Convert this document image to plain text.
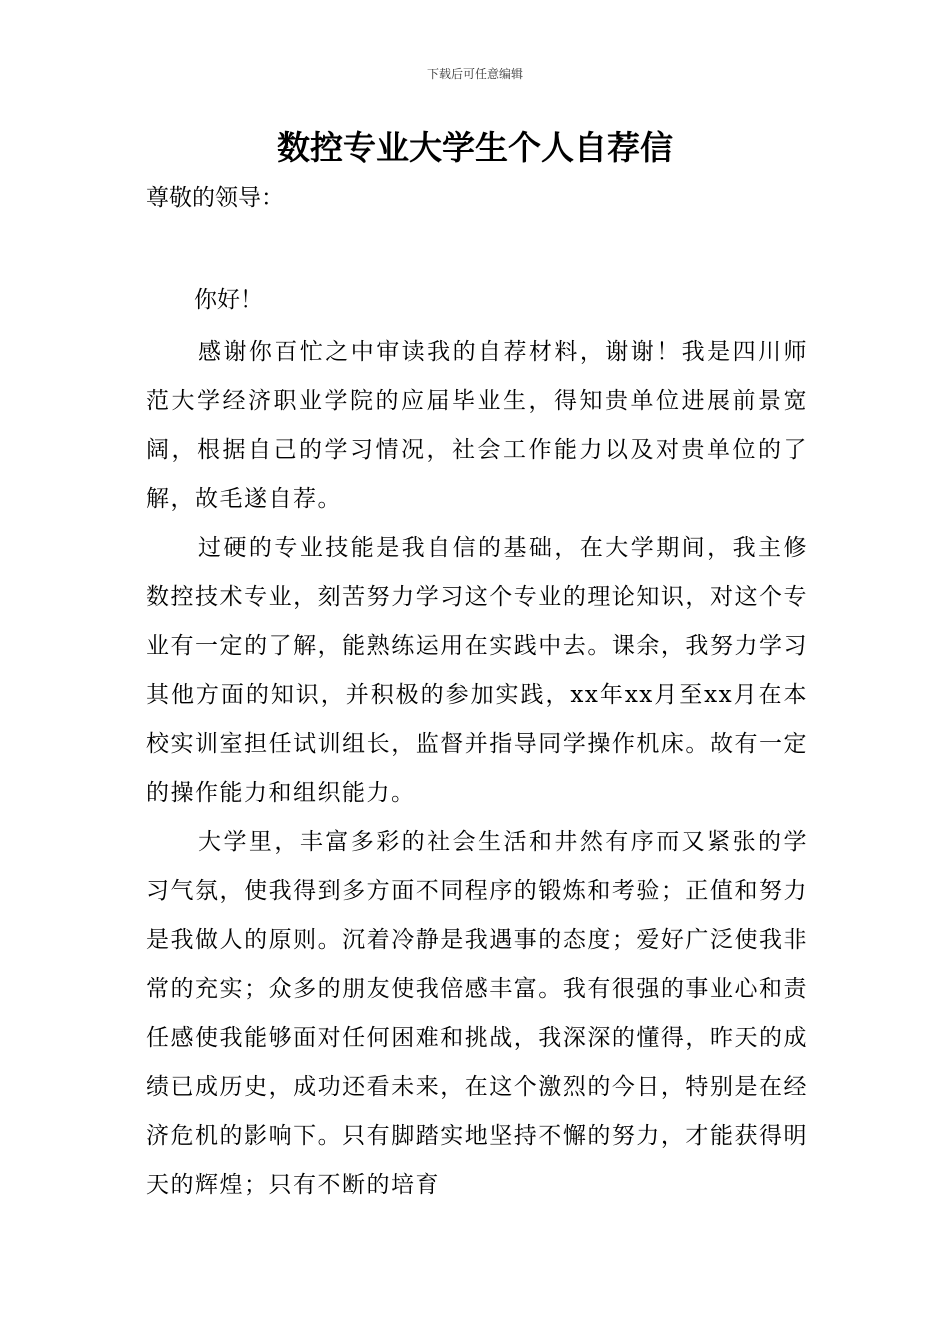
下载后可任意编辑
数控专业大学生个人自荐信
尊敬的领导：
你好！

感谢你百忙之中审读我的自荐材料，谢谢！我是四川师范大学经济职业学院的应届毕业生，得知贵单位进展前景宽阔，根据自己的学习情况，社会工作能力以及对贵单位的了解，故毛遂自荐。

过硬的专业技能是我自信的基础，在大学期间，我主修数控技术专业，刻苦努力学习这个专业的理论知识，对这个专业有一定的了解，能熟练运用在实践中去。课余，我努力学习其他方面的知识，并积极的参加实践，xx年xx月至xx月在本校实训室担任试训组长，监督并指导同学操作机床。故有一定的操作能力和组织能力。

大学里，丰富多彩的社会生活和井然有序而又紧张的学习气氛，使我得到多方面不同程序的锻炼和考验；正值和努力是我做人的原则。沉着冷静是我遇事的态度；爱好广泛使我非常的充实；众多的朋友使我倍感丰富。我有很强的事业心和责任感使我能够面对任何困难和挑战，我深深的懂得，昨天的成绩已成历史，成功还看未来，在这个激烈的今日，特别是在经济危机的影响下。只有脚踏实地坚持不懈的努力，才能获得明天的辉煌；只有不断的培育
